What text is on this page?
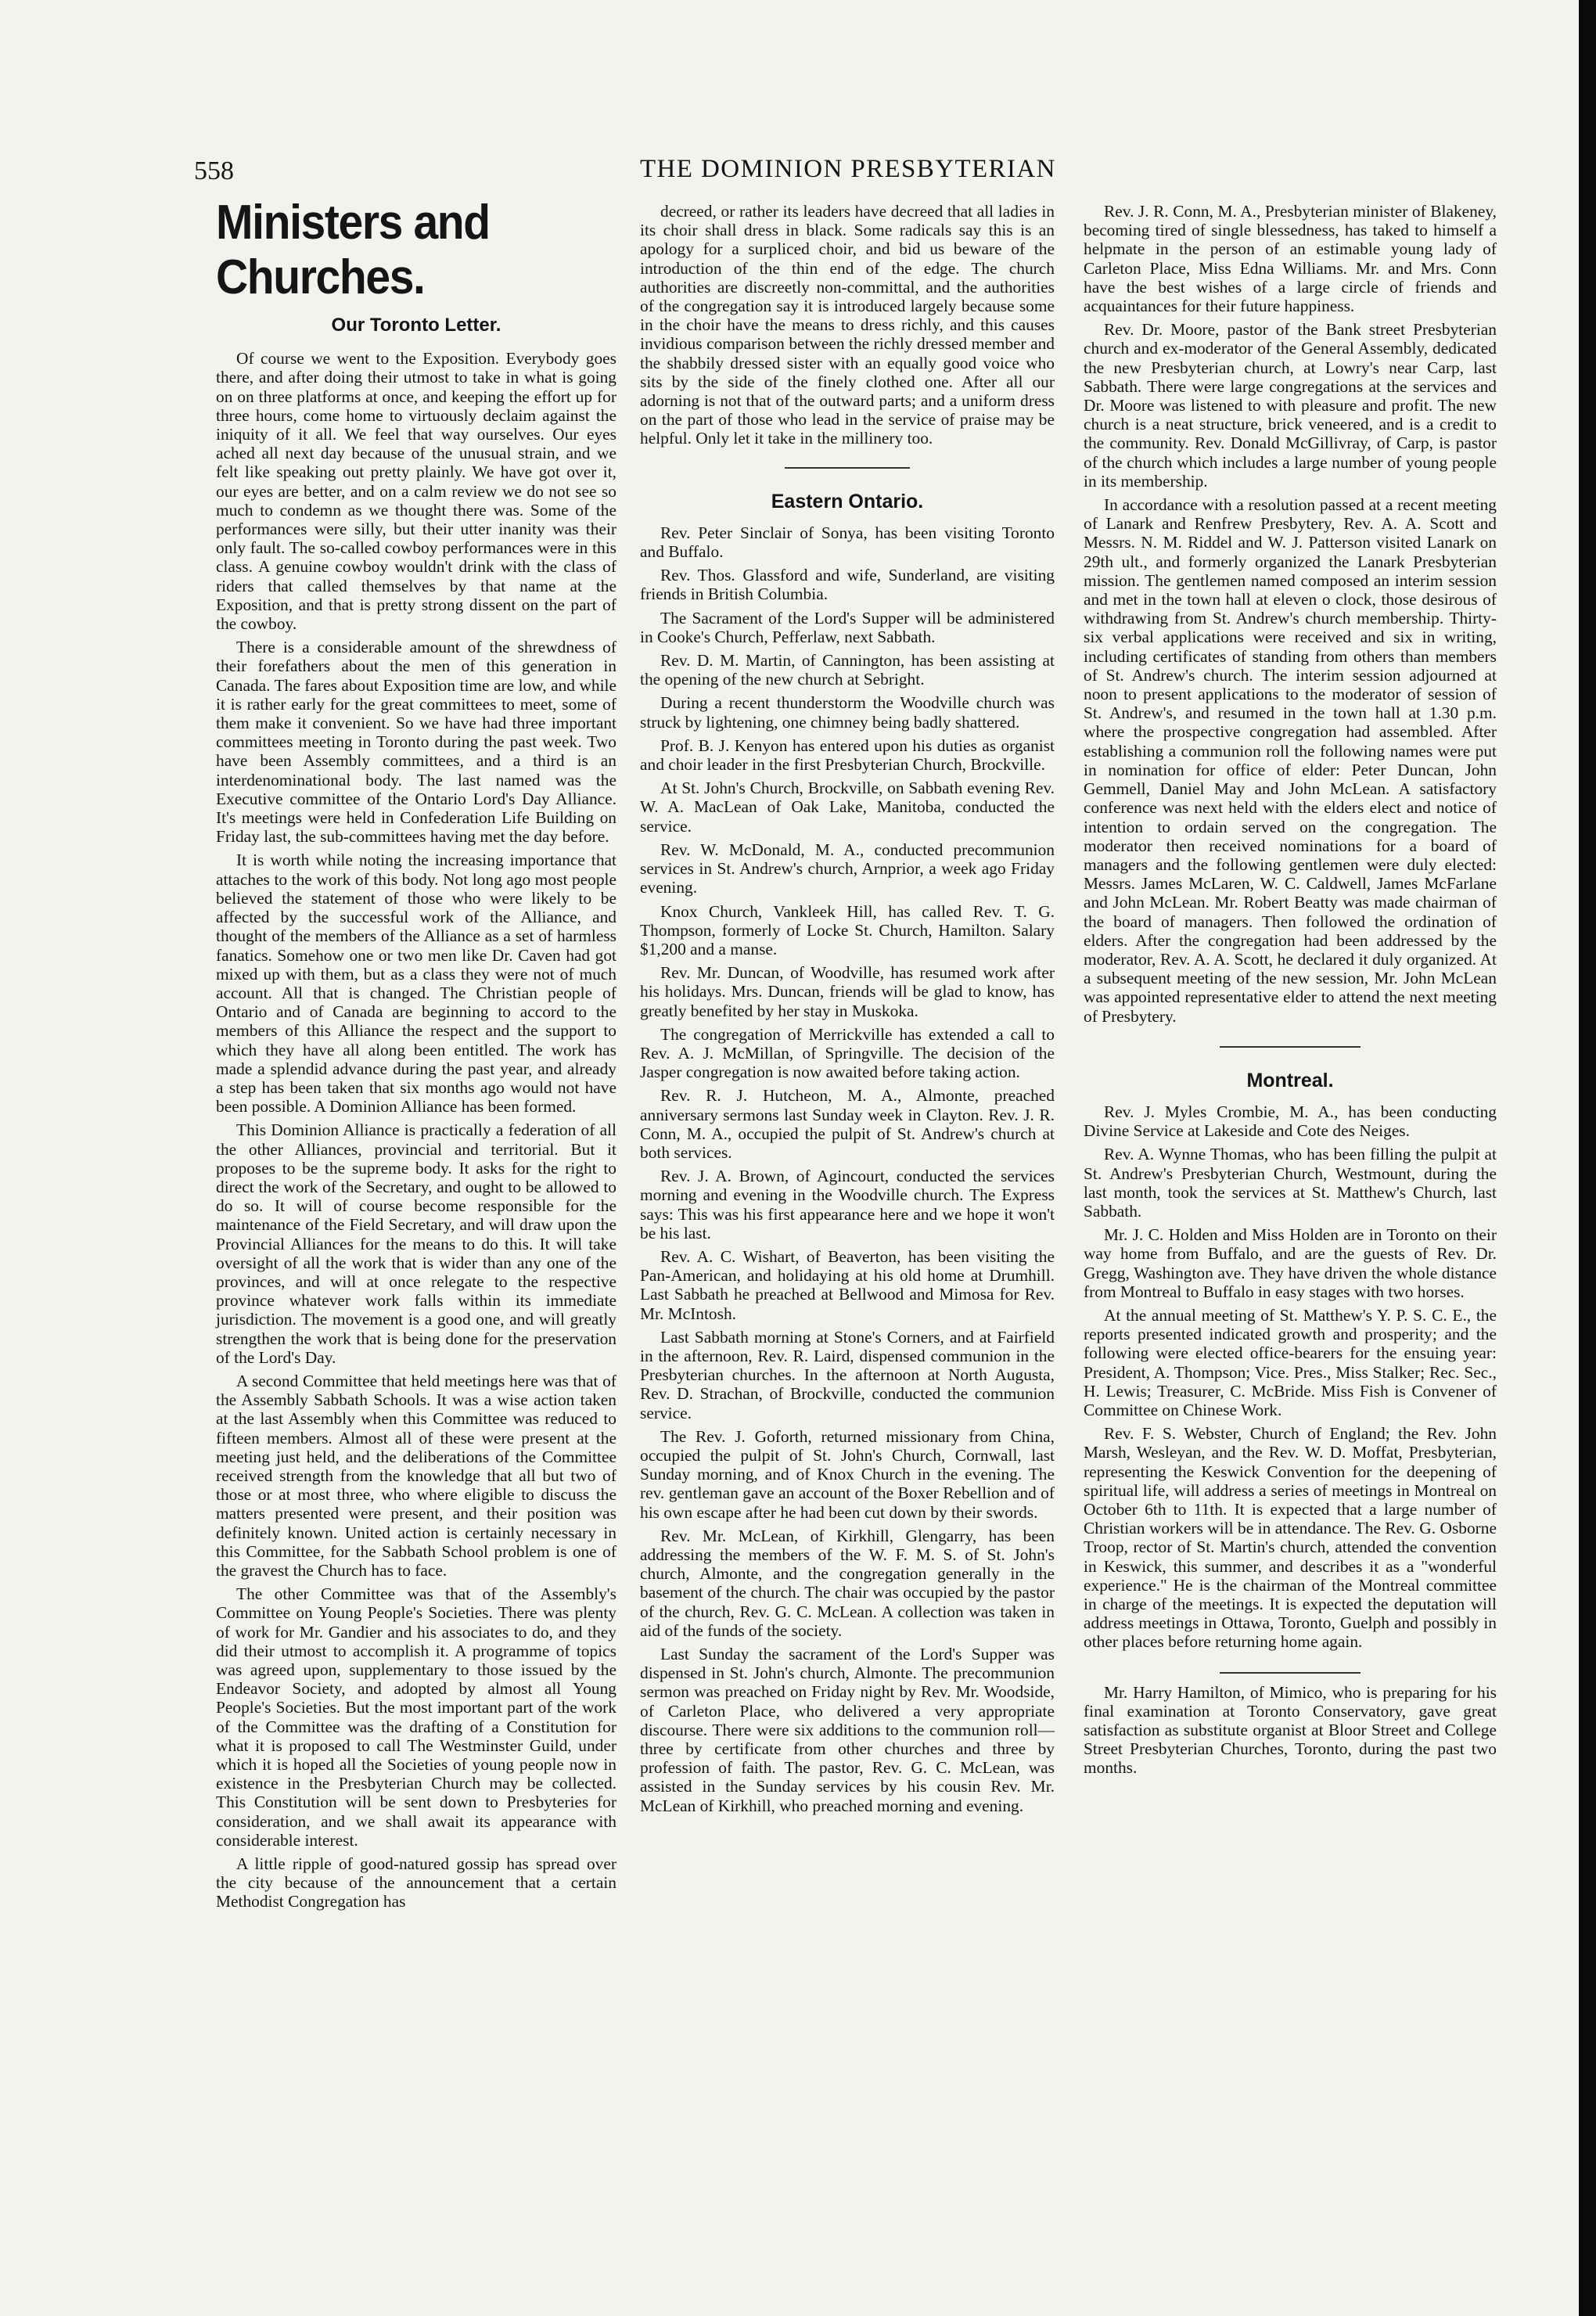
558	THE DOMINION PRESBYTERIAN
Ministers and Churches.
Our Toronto Letter.

Of course we went to the Exposition. Everybody goes there, and after doing their utmost to take in what is going on on three platforms at once, and keeping the effort up for three hours, come home to virtuously declaim against the iniquity of it all. We feel that way ourselves. Our eyes ached all next day because of the unusual strain, and we felt like speaking out pretty plainly. We have got over it, our eyes are better, and on a calm review we do not see so much to condemn as we thought there was. Some of the performances were silly, but their utter inanity was their only fault. The so-called cowboy performances were in this class. A genuine cowboy wouldn't drink with the class of riders that called themselves by that name at the Exposition, and that is pretty strong dissent on the part of the cowboy.

There is a considerable amount of the shrewdness of their forefathers about the men of this generation in Canada. The fares about Exposition time are low, and while it is rather early for the great committees to meet, some of them make it convenient. So we have had three important committees meeting in Toronto during the past week. Two have been Assembly committees, and a third is an interdenominational body. The last named was the Executive committee of the Ontario Lord's Day Alliance. It's meetings were held in Confederation Life Building on Friday last, the sub-committees having met the day before.

It is worth while noting the increasing importance that attaches to the work of this body. Not long ago most people believed the statement of those who were likely to be affected by the successful work of the Alliance, and thought of the members of the Alliance as a set of harmless fanatics. Somehow one or two men like Dr. Caven had got mixed up with them, but as a class they were not of much account. All that is changed. The Christian people of Ontario and of Canada are beginning to accord to the members of this Alliance the respect and the support to which they have all along been entitled. The work has made a splendid advance during the past year, and already a step has been taken that six months ago would not have been possible. A Dominion Alliance has been formed.

This Dominion Alliance is practically a federation of all the other Alliances, provincial and territorial. But it proposes to be the supreme body. It asks for the right to direct the work of the Secretary, and ought to be allowed to do so. It will of course become responsible for the maintenance of the Field Secretary, and will draw upon the Provincial Alliances for the means to do this. It will take oversight of all the work that is wider than any one of the provinces, and will at once relegate to the respective province whatever work falls within its immediate jurisdiction. The movement is a good one, and will greatly strengthen the work that is being done for the preservation of the Lord's Day.

A second Committee that held meetings here was that of the Assembly Sabbath Schools. It was a wise action taken at the last Assembly when this Committee was reduced to fifteen members. Almost all of these were present at the meeting just held, and the deliberations of the Committee received strength from the knowledge that all but two of those or at most three, who where eligible to discuss the matters presented were present, and their position was definitely known. United action is certainly necessary in this Committee, for the Sabbath School problem is one of the gravest the Church has to face.

The other Committee was that of the Assembly's Committee on Young People's Societies. There was plenty of work for Mr. Gandier and his associates to do, and they did their utmost to accomplish it. A programme of topics was agreed upon, supplementary to those issued by the Endeavor Society, and adopted by almost all Young People's Societies. But the most important part of the work of the Committee was the drafting of a Constitution for what it is proposed to call The Westminster Guild, under which it is hoped all the Societies of young people now in existence in the Presbyterian Church may be collected. This Constitution will be sent down to Presbyteries for consideration, and we shall await its appearance with considerable interest.

A little ripple of good-natured gossip has spread over the city because of the announcement that a certain Methodist Congregation has

decreed, or rather its leaders have decreed that all ladies in its choir shall dress in black. Some radicals say this is an apology for a surpliced choir, and bid us beware of the introduction of the thin end of the edge. The church authorities are discreetly non-committal, and the authorities of the congregation say it is introduced largely because some in the choir have the means to dress richly, and this causes invidious comparison between the richly dressed member and the shabbily dressed sister with an equally good voice who sits by the side of the finely clothed one. After all our adorning is not that of the outward parts; and a uniform dress on the part of those who lead in the service of praise may be helpful. Only let it take in the millinery too.

Eastern Ontario.

Rev. Peter Sinclair of Sonya, has been visiting Toronto and Buffalo.

Rev. Thos. Glassford and wife, Sunderland, are visiting friends in British Columbia.

The Sacrament of the Lord's Supper will be administered in Cooke's Church, Pefferlaw, next Sabbath.

Rev. D. M. Martin, of Cannington, has been assisting at the opening of the new church at Sebright.

During a recent thunderstorm the Woodville church was struck by lightening, one chimney being badly shattered.

Prof. B. J. Kenyon has entered upon his duties as organist and choir leader in the first Presbyterian Church, Brockville.

At St. John's Church, Brockville, on Sabbath evening Rev. W. A. MacLean of Oak Lake, Manitoba, conducted the service.

Rev. W. McDonald, M. A., conducted precommunion services in St. Andrew's church, Arnprior, a week ago Friday evening.

Knox Church, Vankleek Hill, has called Rev. T. G. Thompson, formerly of Locke St. Church, Hamilton. Salary $1,200 and a manse.

Rev. Mr. Duncan, of Woodville, has resumed work after his holidays. Mrs. Duncan, friends will be glad to know, has greatly benefited by her stay in Muskoka.

The congregation of Merrickville has extended a call to Rev. A. J. McMillan, of Springville. The decision of the Jasper congregation is now awaited before taking action.

Rev. R. J. Hutcheon, M. A., Almonte, preached anniversary sermons last Sunday week in Clayton. Rev. J. R. Conn, M. A., occupied the pulpit of St. Andrew's church at both services.

Rev. J. A. Brown, of Agincourt, conducted the services morning and evening in the Woodville church. The Express says: This was his first appearance here and we hope it won't be his last.

Rev. A. C. Wishart, of Beaverton, has been visiting the Pan-American, and holidaying at his old home at Drumhill. Last Sabbath he preached at Bellwood and Mimosa for Rev. Mr. McIntosh.

Last Sabbath morning at Stone's Corners, and at Fairfield in the afternoon, Rev. R. Laird, dispensed communion in the Presbyterian churches. In the afternoon at North Augusta, Rev. D. Strachan, of Brockville, conducted the communion service.

The Rev. J. Goforth, returned missionary from China, occupied the pulpit of St. John's Church, Cornwall, last Sunday morning, and of Knox Church in the evening. The rev. gentleman gave an account of the Boxer Rebellion and of his own escape after he had been cut down by their swords.

Rev. Mr. McLean, of Kirkhill, Glengarry, has been addressing the members of the W. F. M. S. of St. John's church, Almonte, and the congregation generally in the basement of the church. The chair was occupied by the pastor of the church, Rev. G. C. McLean. A collection was taken in aid of the funds of the society.

Last Sunday the sacrament of the Lord's Supper was dispensed in St. John's church, Almonte. The precommunion sermon was preached on Friday night by Rev. Mr. Woodside, of Carleton Place, who delivered a very appropriate discourse. There were six additions to the communion roll—three by certificate from other churches and three by profession of faith. The pastor, Rev. G. C. McLean, was assisted in the Sunday services by his cousin Rev. Mr. McLean of Kirkhill, who preached morning and evening.

Rev. J. R. Conn, M. A., Presbyterian minister of Blakeney, becoming tired of single blessedness, has taked to himself a helpmate in the person of an estimable young lady of Carleton Place, Miss Edna Williams. Mr. and Mrs. Conn have the best wishes of a large circle of friends and acquaintances for their future happiness.

Rev. Dr. Moore, pastor of the Bank street Presbyterian church and ex-moderator of the General Assembly, dedicated the new Presbyterian church, at Lowry's near Carp, last Sabbath. There were large congregations at the services and Dr. Moore was listened to with pleasure and profit. The new church is a neat structure, brick veneered, and is a credit to the community. Rev. Donald McGillivray, of Carp, is pastor of the church which includes a large number of young people in its membership.

In accordance with a resolution passed at a recent meeting of Lanark and Renfrew Presbytery, Rev. A. A. Scott and Messrs. N. M. Riddel and W. J. Patterson visited Lanark on 29th ult., and formerly organized the Lanark Presbyterian mission. The gentlemen named composed an interim session and met in the town hall at eleven o clock, those desirous of withdrawing from St. Andrew's church membership. Thirty-six verbal applications were received and six in writing, including certificates of standing from others than members of St. Andrew's church. The interim session adjourned at noon to present applications to the moderator of session of St. Andrew's, and resumed in the town hall at 1.30 p.m. where the prospective congregation had assembled. After establishing a communion roll the following names were put in nomination for office of elder: Peter Duncan, John Gemmell, Daniel May and John McLean. A satisfactory conference was next held with the elders elect and notice of intention to ordain served on the congregation. The moderator then received nominations for a board of managers and the following gentlemen were duly elected: Messrs. James McLaren, W. C. Caldwell, James McFarlane and John McLean. Mr. Robert Beatty was made chairman of the board of managers. Then followed the ordination of elders. After the congregation had been addressed by the moderator, Rev. A. A. Scott, he declared it duly organized. At a subsequent meeting of the new session, Mr. John McLean was appointed representative elder to attend the next meeting of Presbytery.

Montreal.

Rev. J. Myles Crombie, M. A., has been conducting Divine Service at Lakeside and Cote des Neiges.

Rev. A. Wynne Thomas, who has been filling the pulpit at St. Andrew's Presbyterian Church, Westmount, during the last month, took the services at St. Matthew's Church, last Sabbath.

Mr. J. C. Holden and Miss Holden are in Toronto on their way home from Buffalo, and are the guests of Rev. Dr. Gregg, Washington ave. They have driven the whole distance from Montreal to Buffalo in easy stages with two horses.

At the annual meeting of St. Matthew's Y. P. S. C. E., the reports presented indicated growth and prosperity; and the following were elected office-bearers for the ensuing year: President, A. Thompson; Vice. Pres., Miss Stalker; Rec. Sec., H. Lewis; Treasurer, C. McBride. Miss Fish is Convener of Committee on Chinese Work.

Rev. F. S. Webster, Church of England; the Rev. John Marsh, Wesleyan, and the Rev. W. D. Moffat, Presbyterian, representing the Keswick Convention for the deepening of spiritual life, will address a series of meetings in Montreal on October 6th to 11th. It is expected that a large number of Christian workers will be in attendance. The Rev. G. Osborne Troop, rector of St. Martin's church, attended the convention in Keswick, this summer, and describes it as a "wonderful experience." He is the chairman of the Montreal committee in charge of the meetings. It is expected the deputation will address meetings in Ottawa, Toronto, Guelph and possibly in other places before returning home again.

Mr. Harry Hamilton, of Mimico, who is preparing for his final examination at Toronto Conservatory, gave great satisfaction as substitute organist at Bloor Street and College Street Presbyterian Churches, Toronto, during the past two months.
